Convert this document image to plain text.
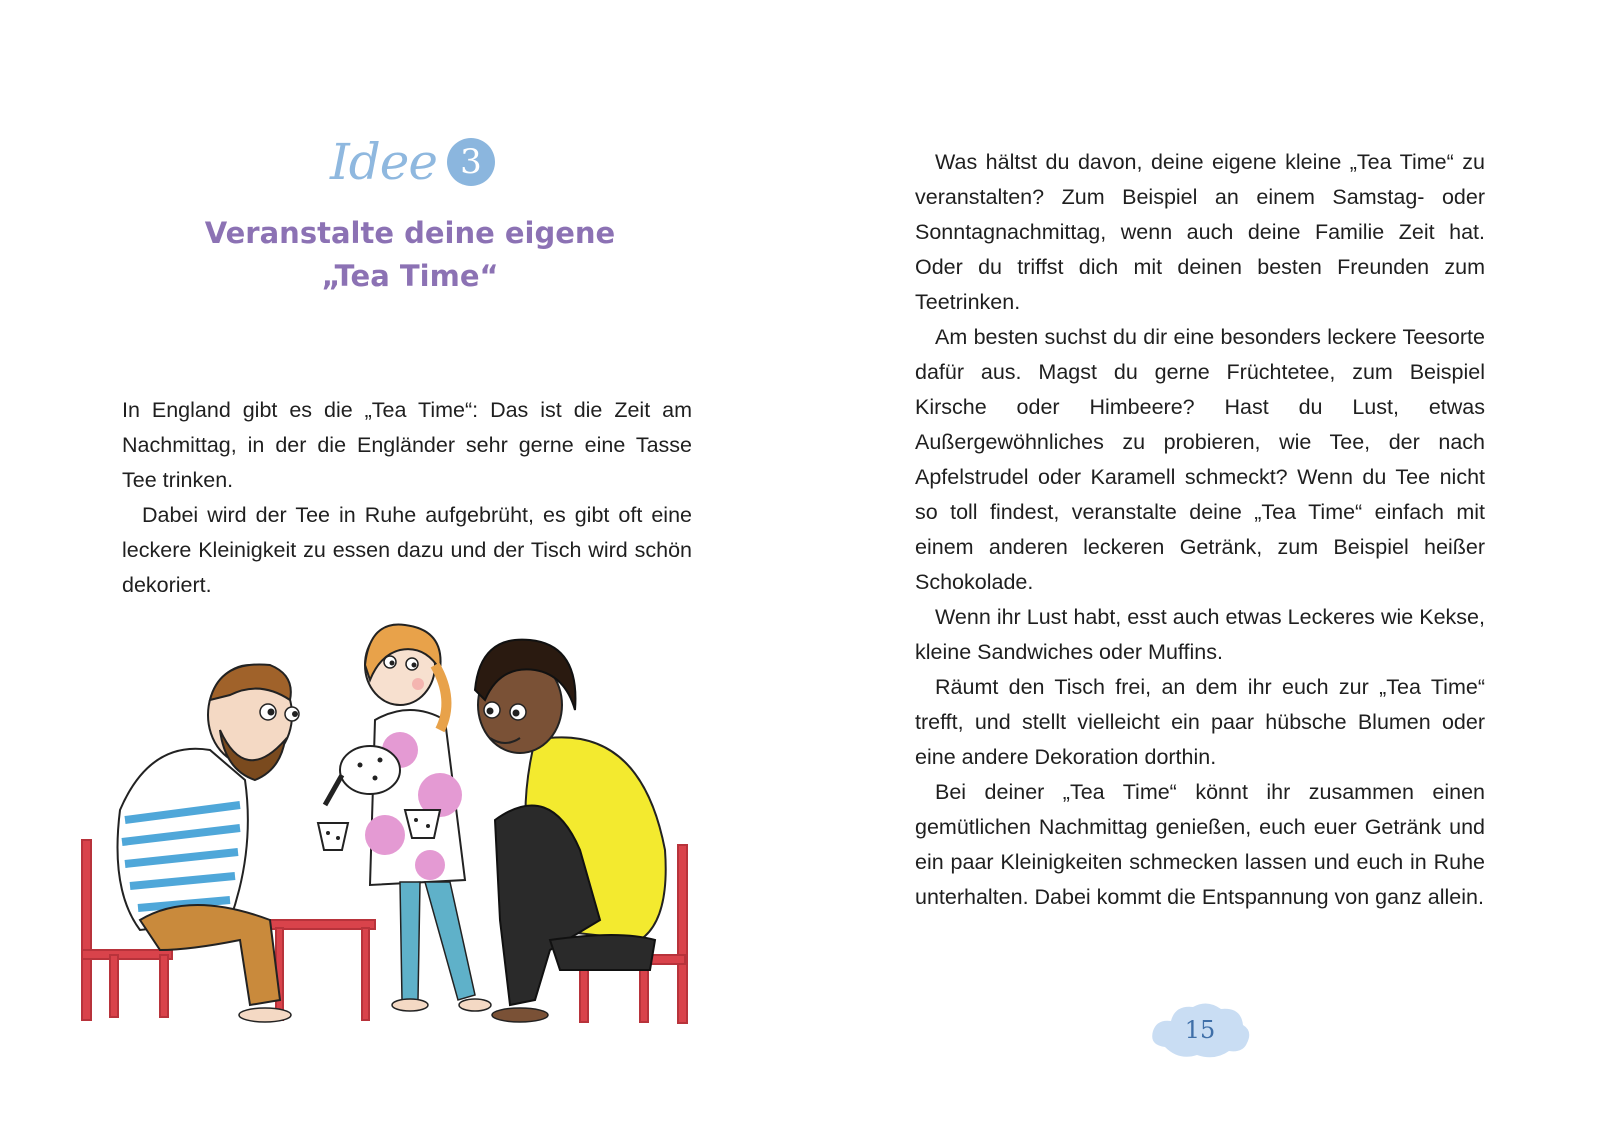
Idee 3
Veranstalte deine eigene
„Tea Time“

In England gibt es die „Tea Time“: Das ist die Zeit am Nachmittag, in der die Engländer sehr gerne eine Tasse Tee trinken.

Dabei wird der Tee in Ruhe aufgebrüht, es gibt oft eine leckere Kleinigkeit zu essen dazu und der Tisch wird schön dekoriert.

Was hältst du davon, deine eigene kleine „Tea Time“ zu veranstalten? Zum Beispiel an einem Samstag- oder Sonntagnachmittag, wenn auch deine Familie Zeit hat. Oder du triffst dich mit deinen besten Freunden zum Teetrinken.

Am besten suchst du dir eine besonders leckere Teesorte dafür aus. Magst du gerne Früchtetee, zum Beispiel Kirsche oder Himbeere? Hast du Lust, etwas Außergewöhnliches zu probieren, wie Tee, der nach Apfelstrudel oder Karamell schmeckt? Wenn du Tee nicht so toll findest, veranstalte deine „Tea Time“ einfach mit einem anderen leckeren Getränk, zum Beispiel heißer Schokolade.

Wenn ihr Lust habt, esst auch etwas Leckeres wie Kekse, kleine Sandwiches oder Muffins.

Räumt den Tisch frei, an dem ihr euch zur „Tea Time“ trefft, und stellt vielleicht ein paar hübsche Blumen oder eine andere Dekoration dorthin.

Bei deiner „Tea Time“ könnt ihr zusammen einen gemütlichen Nachmittag genießen, euch euer Getränk und ein paar Kleinigkeiten schmecken lassen und euch in Ruhe unterhalten. Dabei kommt die Entspannung von ganz allein.

15
